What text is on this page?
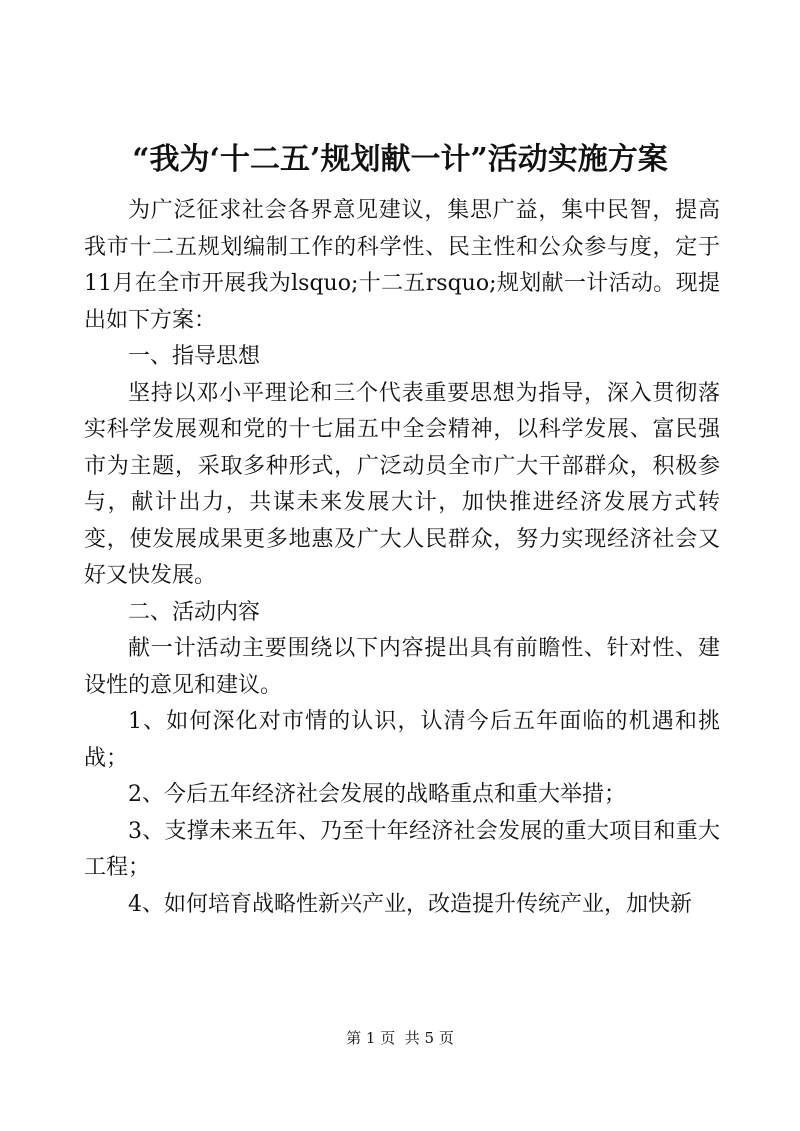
“我为‘十二五’规划献一计”活动实施方案

为广泛征求社会各界意见建议，集思广益，集中民智，提高我市十二五规划编制工作的科学性、民主性和公众参与度，定于11月在全市开展我为lsquo;十二五rsquo;规划献一计活动。现提出如下方案：

一、指导思想

坚持以邓小平理论和三个代表重要思想为指导，深入贯彻落实科学发展观和党的十七届五中全会精神，以科学发展、富民强市为主题，采取多种形式，广泛动员全市广大干部群众，积极参与，献计出力，共谋未来发展大计，加快推进经济发展方式转变，使发展成果更多地惠及广大人民群众，努力实现经济社会又好又快发展。

二、活动内容

献一计活动主要围绕以下内容提出具有前瞻性、针对性、建设性的意见和建议。

1、如何深化对市情的认识，认清今后五年面临的机遇和挑战；

2、今后五年经济社会发展的战略重点和重大举措；

3、支撑未来五年、乃至十年经济社会发展的重大项目和重大工程；

4、如何培育战略性新兴产业，改造提升传统产业，加快新

第 1 页  共 5 页
